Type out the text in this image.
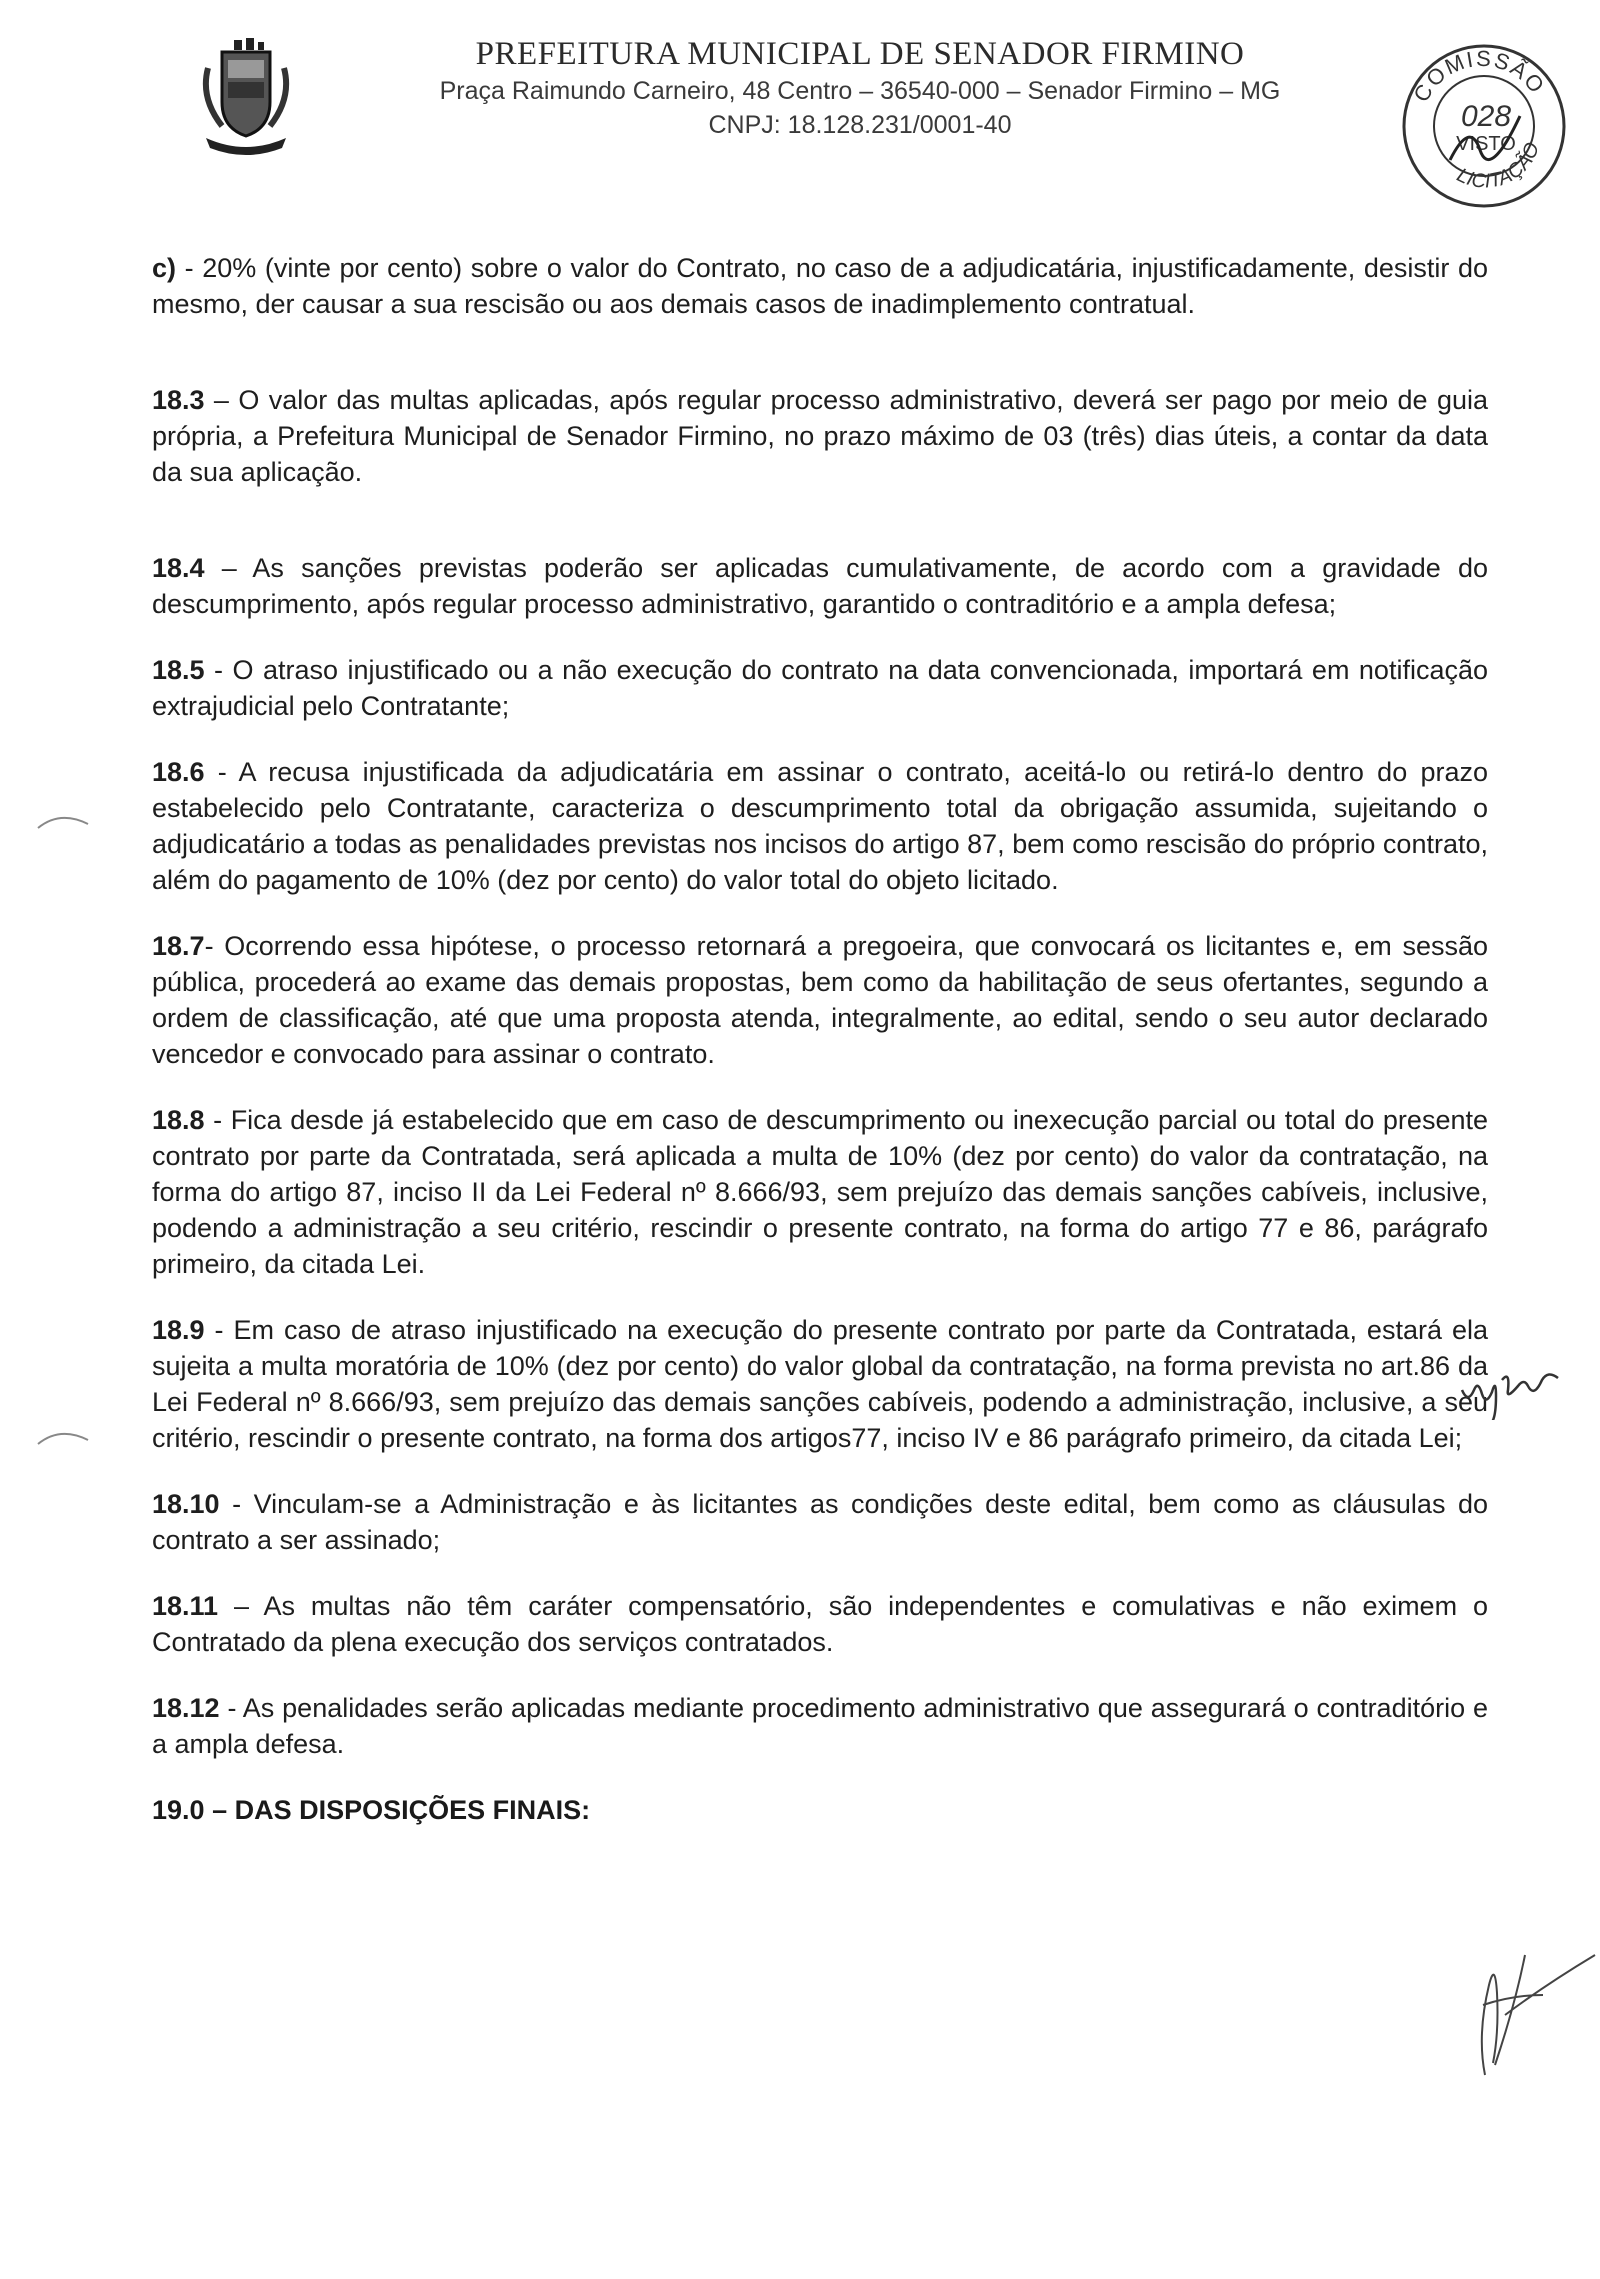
PREFEITURA MUNICIPAL DE SENADOR FIRMINO
Praça Raimundo Carneiro, 48 Centro – 36540-000 – Senador Firmino – MG
CNPJ: 18.128.231/0001-40
COMISSÃO
LICITAÇÃO
028
VISTO

c) - 20% (vinte por cento) sobre o valor do Contrato, no caso de a adjudicatária, injustificadamente, desistir do mesmo, der causar a sua rescisão ou aos demais casos de inadimplemento contratual.

18.3 – O valor das multas aplicadas, após regular processo administrativo, deverá ser pago por meio de guia própria, a Prefeitura Municipal de Senador Firmino, no prazo máximo de 03 (três) dias úteis, a contar da data da sua aplicação.

18.4 – As sanções previstas poderão ser aplicadas cumulativamente, de acordo com a gravidade do descumprimento, após regular processo administrativo, garantido o contraditório e a ampla defesa;

18.5 - O atraso injustificado ou a não execução do contrato na data convencionada, importará em notificação extrajudicial pelo Contratante;

18.6 - A recusa injustificada da adjudicatária em assinar o contrato, aceitá-lo ou retirá-lo dentro do prazo estabelecido pelo Contratante, caracteriza o descumprimento total da obrigação assumida, sujeitando o adjudicatário a todas as penalidades previstas nos incisos do artigo 87, bem como rescisão do próprio contrato, além do pagamento de 10% (dez por cento) do valor total do objeto licitado.

18.7- Ocorrendo essa hipótese, o processo retornará a pregoeira, que convocará os licitantes e, em sessão pública, procederá ao exame das demais propostas, bem como da habilitação de seus ofertantes, segundo a ordem de classificação, até que uma proposta atenda, integralmente, ao edital, sendo o seu autor declarado vencedor e convocado para assinar o contrato.

18.8 - Fica desde já estabelecido que em caso de descumprimento ou inexecução parcial ou total do presente contrato por parte da Contratada, será aplicada a multa de 10% (dez por cento) do valor da contratação, na forma do artigo 87, inciso II da Lei Federal nº 8.666/93, sem prejuízo das demais sanções cabíveis, inclusive, podendo a administração a seu critério, rescindir o presente contrato, na forma do artigo 77 e 86, parágrafo primeiro, da citada Lei.

18.9 - Em caso de atraso injustificado na execução do presente contrato por parte da Contratada, estará ela sujeita a multa moratória de 10% (dez por cento) do valor global da contratação, na forma prevista no art.86 da Lei Federal nº 8.666/93, sem prejuízo das demais sanções cabíveis, podendo a administração, inclusive, a seu critério, rescindir o presente contrato, na forma dos artigos77, inciso IV e 86 parágrafo primeiro, da citada Lei;

18.10 - Vinculam-se a Administração e às licitantes as condições deste edital, bem como as cláusulas do contrato a ser assinado;

18.11 – As multas não têm caráter compensatório, são independentes e comulativas e não eximem o Contratado da plena execução dos serviços contratados.

18.12 - As penalidades serão aplicadas mediante procedimento administrativo que assegurará o contraditório e a ampla defesa.

19.0 – DAS DISPOSIÇÕES FINAIS:
